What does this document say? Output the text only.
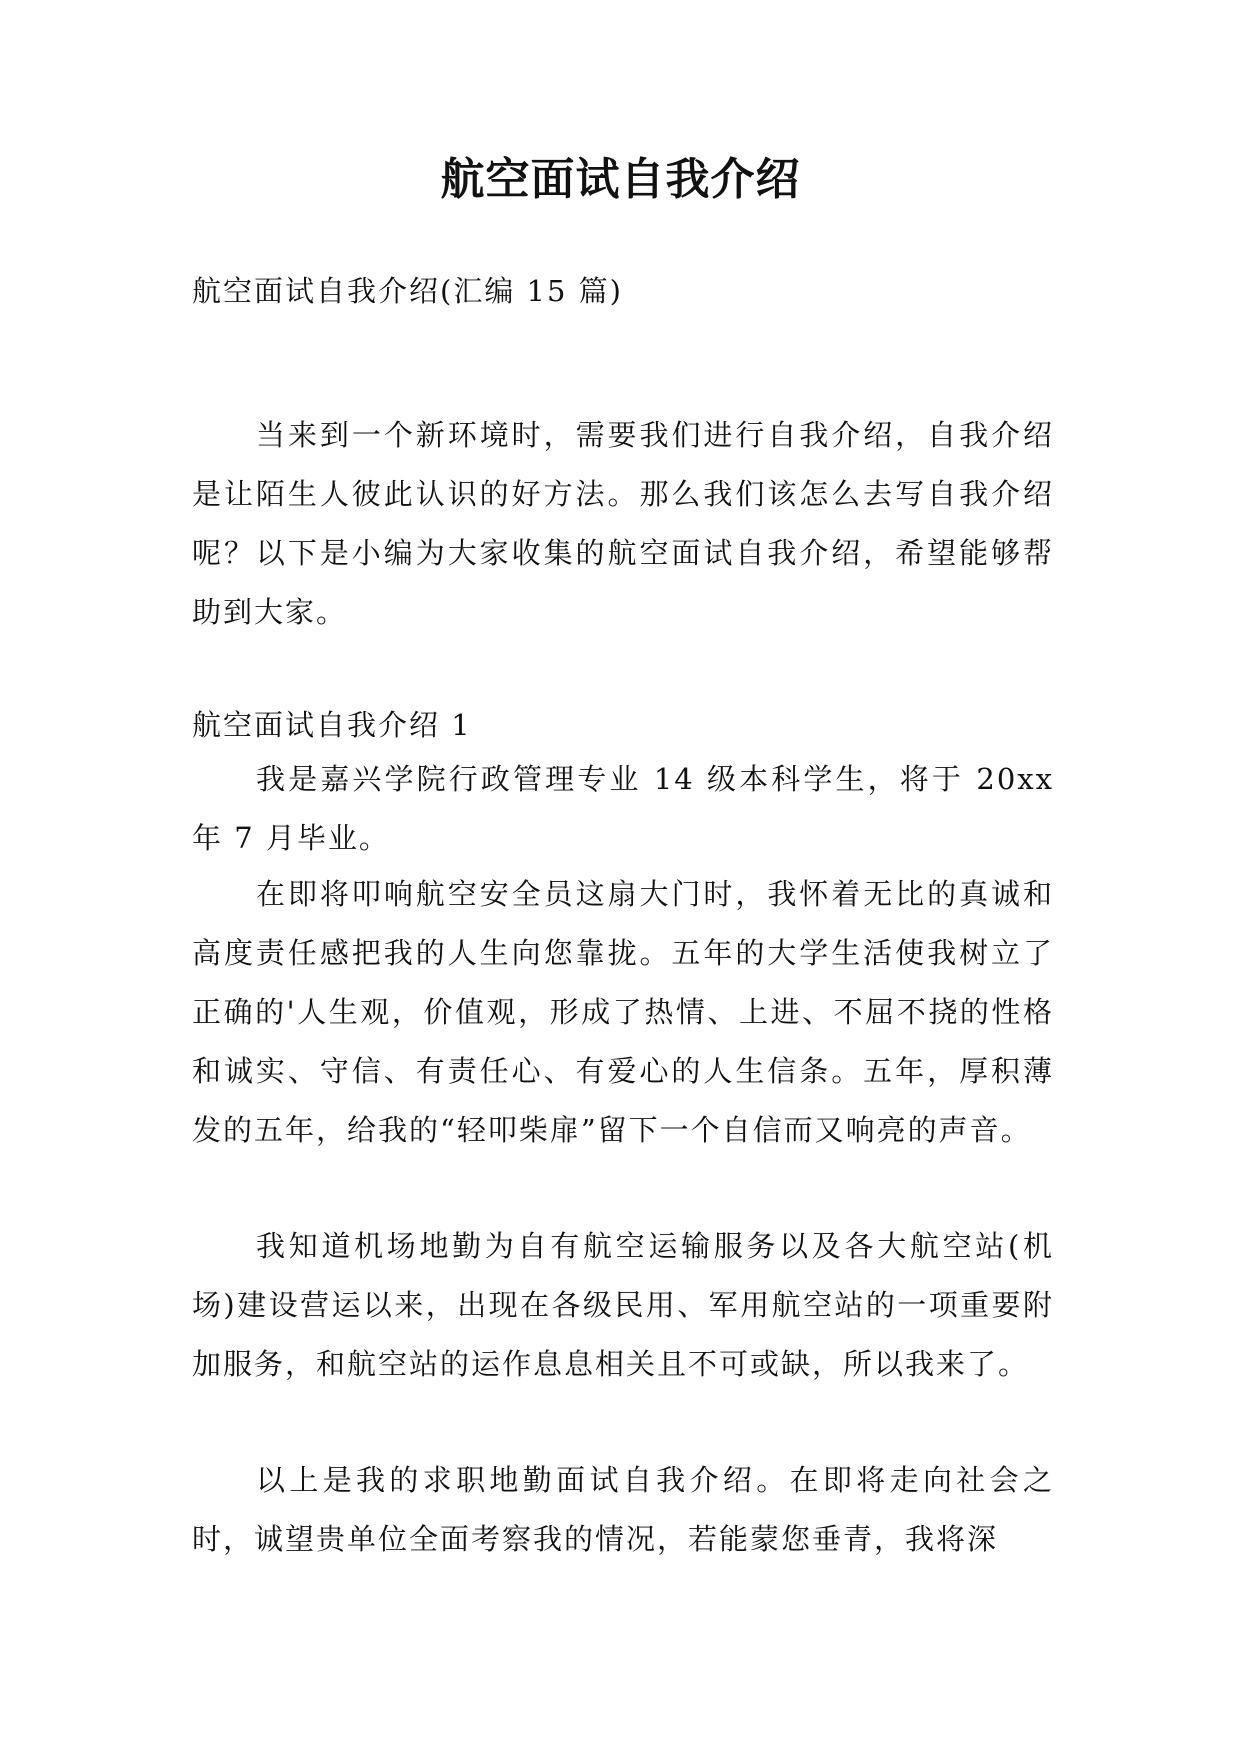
航空面试自我介绍
航空面试自我介绍(汇编 15 篇)

当来到一个新环境时，需要我们进行自我介绍，自我介绍是让陌生人彼此认识的好方法。那么我们该怎么去写自我介绍呢？以下是小编为大家收集的航空面试自我介绍，希望能够帮助到大家。

航空面试自我介绍 1

我是嘉兴学院行政管理专业 14 级本科学生，将于 20xx 年 7 月毕业。

在即将叩响航空安全员这扇大门时，我怀着无比的真诚和高度责任感把我的人生向您靠拢。五年的大学生活使我树立了正确的'人生观，价值观，形成了热情、上进、不屈不挠的性格和诚实、守信、有责任心、有爱心的人生信条。五年，厚积薄发的五年，给我的“轻叩柴扉”留下一个自信而又响亮的声音。

我知道机场地勤为自有航空运输服务以及各大航空站(机场)建设营运以来，出现在各级民用、军用航空站的一项重要附加服务，和航空站的运作息息相关且不可或缺，所以我来了。

以上是我的求职地勤面试自我介绍。在即将走向社会之时，诚望贵单位全面考察我的情况，若能蒙您垂青，我将深
